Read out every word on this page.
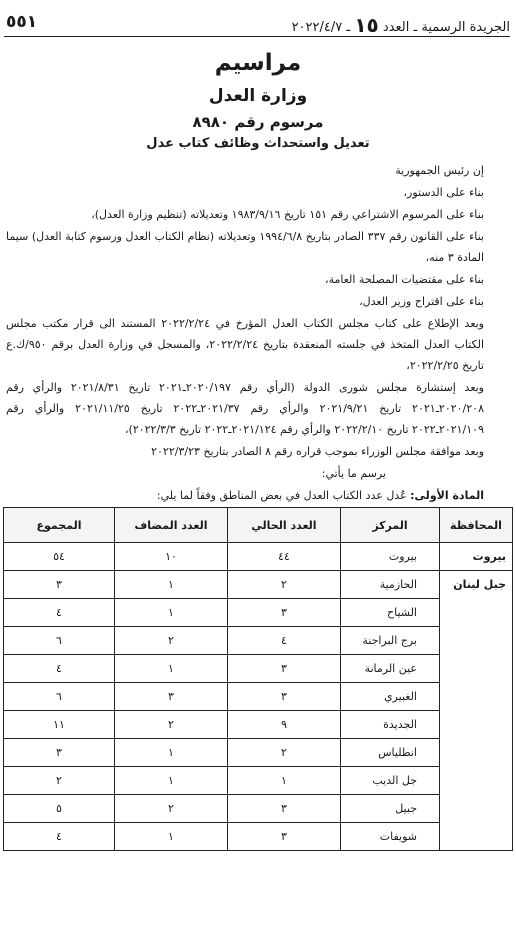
الجريدة الرسمية ـ العدد ١٥ ـ ٢٠٢٢/٤/٧
٥٥١
مراسيم
وزارة العدل
مرسوم رقم ٨٩٨٠
تعديل واستحداث وظائف كتاب عدل

إن رئيس الجمهورية

بناء على الدستور،

بناء على المرسوم الاشتراعي رقم ١٥١ تاريخ ١٩٨٣/٩/١٦ وتعديلاته (تنظيم وزارة العدل)،

بناء على القانون رقم ٣٣٧ الصادر بتاريخ ١٩٩٤/٦/٨ وتعديلاته (نظام الكتاب العدل ورسوم كتابة العدل) سيما المادة ٣ منه،

بناء على مقتضيات المصلحة العامة،

بناء على اقتراح وزير العدل،

وبعد الإطلاع على كتاب مجلس الكتاب العدل المؤرخ في ٢٠٢٢/٢/٢٤ المستند الى قرار مكتب مجلس الكتاب العدل المتخذ في جلسته المنعقدة بتاريخ ٢٠٢٢/٢/٢٤، والمسجل في وزارة العدل برقم ٩٥٠/ك.ع تاريخ ٢٠٢٢/٢/٢٥،

وبعد إستشارة مجلس شورى الدولة (الرأي رقم ٢٠٢٠/١٩٧ـ٢٠٢١ تاريخ ٢٠٢١/٨/٣١ والرأي رقم ٢٠٢٠/٢٠٨ـ٢٠٢١ تاريخ ٢٠٢١/٩/٢١ والرأي رقم ٢٠٢١/٣٧ـ٢٠٢٢ تاريخ ٢٠٢١/١١/٢٥ والرأي رقم ٢٠٢١/١٠٩ـ٢٠٢٢ تاريخ ٢٠٢٢/٢/١٠ والرأي رقم ٢٠٢١/١٢٤ـ٢٠٢٢ تاريخ ٢٠٢٢/٣/٣)،

وبعد موافقة مجلس الوزراء بموجب قراره رقم ٨ الصادر بتاريخ ٢٠٢٢/٣/٢٣

يرسم ما يأتي:

المادة الأولى: عُدل عدد الكتاب العدل في بعض المناطق وفقاً لما يلي:

المحافظة	المركز	العدد الحالي	العدد المضاف	المجموع
بيروت	بيروت	٤٤	١٠	٥٤
جبل لبنان	الحازمية	٢	١	٣
	الشياح	٣	١	٤
	برج البراجنة	٤	٢	٦
	عين الرمانة	٣	١	٤
	الغبيري	٣	٣	٦
	الجديدة	٩	٢	١١
	انطلياس	٢	١	٣
	جل الديب	١	١	٢
	جبيل	٣	٢	٥
	شويفات	٣	١	٤
